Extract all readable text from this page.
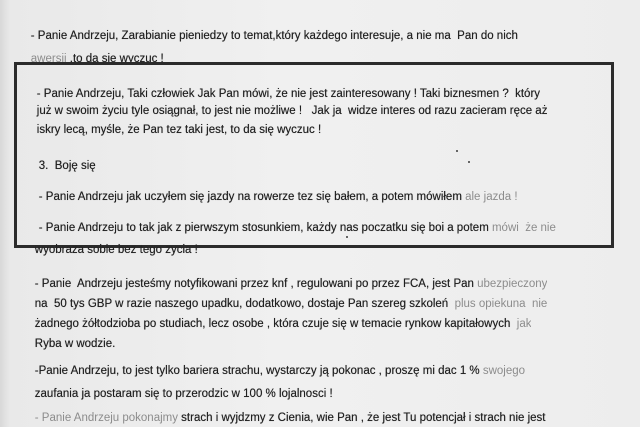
- Panie Andrzeju, Zarabianie pieniedzy to temat,który każdego interesuje, a nie ma  Pan do nich

awersji ,to da się wyczuc !

- Panie Andrzeju, Taki człowiek Jak Pan mówi, że nie jest zainteresowany ! Taki biznesmen ?  który

już w swoim życiu tyle osiągnał, to jest nie możliwe !   Jak ja  widze interes od razu zacieram ręce aż

iskry lecą, myśle, że Pan tez taki jest, to da się wyczuc !

3.  Boję się

- Panie Andrzeju jak uczyłem się jazdy na rowerze tez się bałem, a potem mówiłem ale jazda !

- Panie Andrzeju to tak jak z pierwszym stosunkiem, każdy nas poczatku się boi a potem mówi  że nie

wyobraza sobie bez tego zycia !

- Panie  Andrzeju jesteśmy notyfikowani przez knf , regulowani po przez FCA, jest Pan ubezpieczony

na  50 tys GBP w razie naszego upadku, dodatkowo, dostaje Pan szereg szkoleń  plus opiekuna  nie

żadnego żółtodzioba po studiach, lecz osobe , która czuje się w temacie rynkow kapitałowych  jak

Ryba w wodzie.

-Panie Andrzeju, to jest tylko bariera strachu, wystarczy ją pokonac , proszę mi dac 1 % swojego

zaufania ja postaram się to przerodzic w 100 % lojalnosci !

- Panie Andrzeju pokonajmy strach i wyjdzmy z Cienia, wie Pan , że jest Tu potencjał i strach nie jest
